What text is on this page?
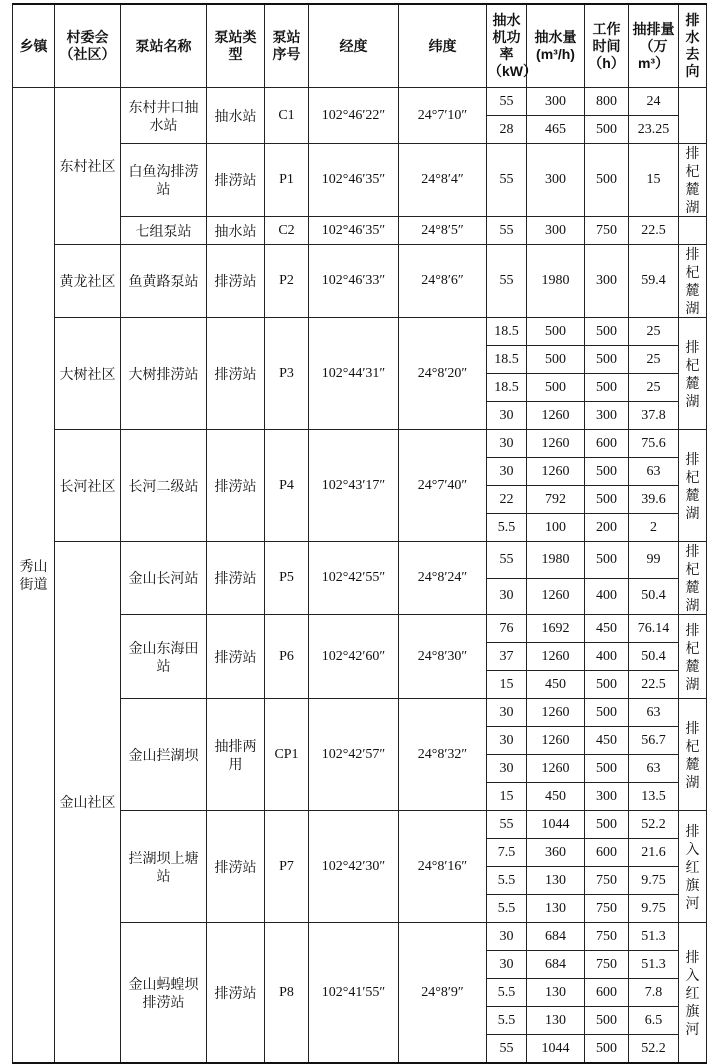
乡镇	村委会（社区）	泵站名称	泵站类型	泵站序号	经度	纬度	抽水机功率（kW）	抽水量(m³/h)	工作时间（h）	抽排量（万m³）	排水去向
秀山街道	东村社区	东村井口抽水站	抽水站	C1	102°46′22″	24°7′10″	55	300	800	24	
							28	465	500	23.25	
		白鱼沟排涝站	排涝站	P1	102°46′35″	24°8′4″	55	300	500	15	排杞麓湖
		七组泵站	抽水站	C2	102°46′35″	24°8′5″	55	300	750	22.5	
	黄龙社区	鱼黄路泵站	排涝站	P2	102°46′33″	24°8′6″	55	1980	300	59.4	排杞麓湖
	大树社区	大树排涝站	排涝站	P3	102°44′31″	24°8′20″	18.5	500	500	25	排杞麓湖
							18.5	500	500	25	
							18.5	500	500	25	
							30	1260	300	37.8	
	长河社区	长河二级站	排涝站	P4	102°43′17″	24°7′40″	30	1260	600	75.6	排杞麓湖
							30	1260	500	63	
							22	792	500	39.6	
							5.5	100	200	2	
	金山社区	金山长河站	排涝站	P5	102°42′55″	24°8′24″	55	1980	500	99	排杞麓湖
							30	1260	400	50.4	
		金山东海田站	排涝站	P6	102°42′60″	24°8′30″	76	1692	450	76.14	排杞麓湖
							37	1260	400	50.4	
							15	450	500	22.5	
		金山拦湖坝	抽排两用	CP1	102°42′57″	24°8′32″	30	1260	500	63	排杞麓湖
							30	1260	450	56.7	
							30	1260	500	63	
							15	450	300	13.5	
		拦湖坝上塘站	排涝站	P7	102°42′30″	24°8′16″	55	1044	500	52.2	排入红旗河
							7.5	360	600	21.6	
							5.5	130	750	9.75	
							5.5	130	750	9.75	
		金山蚂蝗坝排涝站	排涝站	P8	102°41′55″	24°8′9″	30	684	750	51.3	排入红旗河
							30	684	750	51.3	
							5.5	130	600	7.8	
							5.5	130	500	6.5	
							55	1044	500	52.2	
